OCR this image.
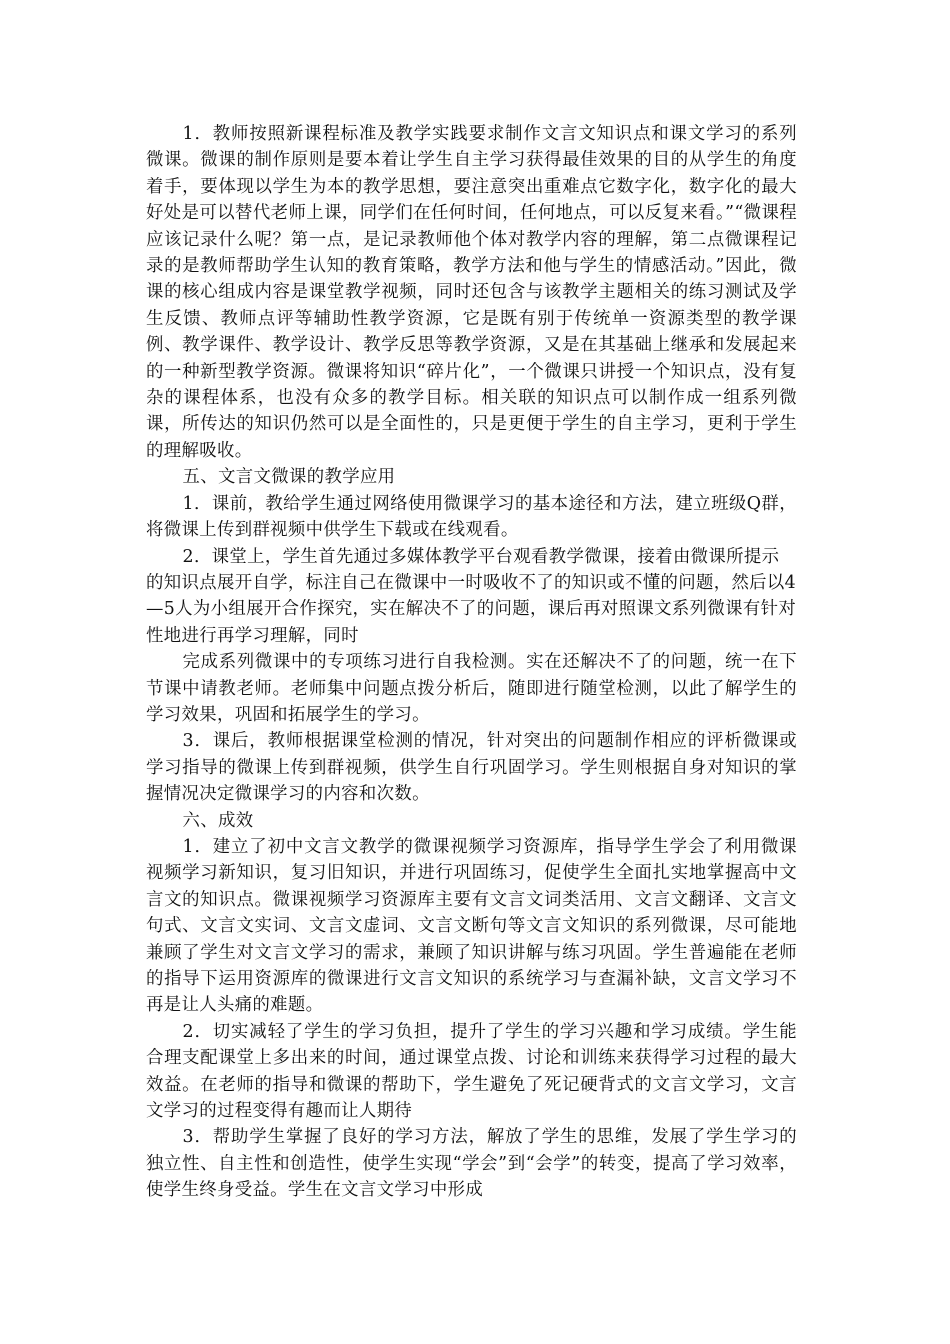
1．教师按照新课程标准及教学实践要求制作文言文知识点和课文学习的系列微课。微课的制作原则是要本着让学生自主学习获得最佳效果的目的从学生的角度着手，要体现以学生为本的教学思想，要注意突出重难点它数字化，数字化的最大好处是可以替代老师上课，同学们在任何时间，任何地点，可以反复来看。”“微课程应该记录什么呢？第一点，是记录教师他个体对教学内容的理解，第二点微课程记录的是教师帮助学生认知的教育策略，教学方法和他与学生的情感活动。”因此，微课的核心组成内容是课堂教学视频，同时还包含与该教学主题相关的练习测试及学生反馈、教师点评等辅助性教学资源，它是既有别于传统单一资源类型的教学课例、教学课件、教学设计、教学反思等教学资源，又是在其基础上继承和发展起来的一种新型教学资源。微课将知识“碎片化”，一个微课只讲授一个知识点，没有复杂的课程体系，也没有众多的教学目标。相关联的知识点可以制作成一组系列微课，所传达的知识仍然可以是全面性的，只是更便于学生的自主学习，更利于学生的理解吸收。

五、文言文微课的教学应用

1．课前，教给学生通过网络使用微课学习的基本途径和方法，建立班级Q群，将微课上传到群视频中供学生下载或在线观看。

2．课堂上，学生首先通过多媒体教学平台观看教学微课，接着由微课所提示的知识点展开自学，标注自己在微课中一时吸收不了的知识或不懂的问题，然后以4—5人为小组展开合作探究，实在解决不了的问题，课后再对照课文系列微课有针对性地进行再学习理解，同时

完成系列微课中的专项练习进行自我检测。实在还解决不了的问题，统一在下节课中请教老师。老师集中问题点拨分析后，随即进行随堂检测，以此了解学生的学习效果，巩固和拓展学生的学习。

3．课后，教师根据课堂检测的情况，针对突出的问题制作相应的评析微课或学习指导的微课上传到群视频，供学生自行巩固学习。学生则根据自身对知识的掌握情况决定微课学习的内容和次数。

六、成效

1．建立了初中文言文教学的微课视频学习资源库，指导学生学会了利用微课视频学习新知识，复习旧知识，并进行巩固练习，促使学生全面扎实地掌握高中文言文的知识点。微课视频学习资源库主要有文言文词类活用、文言文翻译、文言文句式、文言文实词、文言文虚词、文言文断句等文言文知识的系列微课，尽可能地兼顾了学生对文言文学习的需求，兼顾了知识讲解与练习巩固。学生普遍能在老师的指导下运用资源库的微课进行文言文知识的系统学习与查漏补缺，文言文学习不再是让人头痛的难题。

2．切实减轻了学生的学习负担，提升了学生的学习兴趣和学习成绩。学生能合理支配课堂上多出来的时间，通过课堂点拨、讨论和训练来获得学习过程的最大效益。在老师的指导和微课的帮助下，学生避免了死记硬背式的文言文学习，文言文学习的过程变得有趣而让人期待

3．帮助学生掌握了良好的学习方法，解放了学生的思维，发展了学生学习的独立性、自主性和创造性，使学生实现“学会”到“会学”的转变，提高了学习效率，使学生终身受益。学生在文言文学习中形成
